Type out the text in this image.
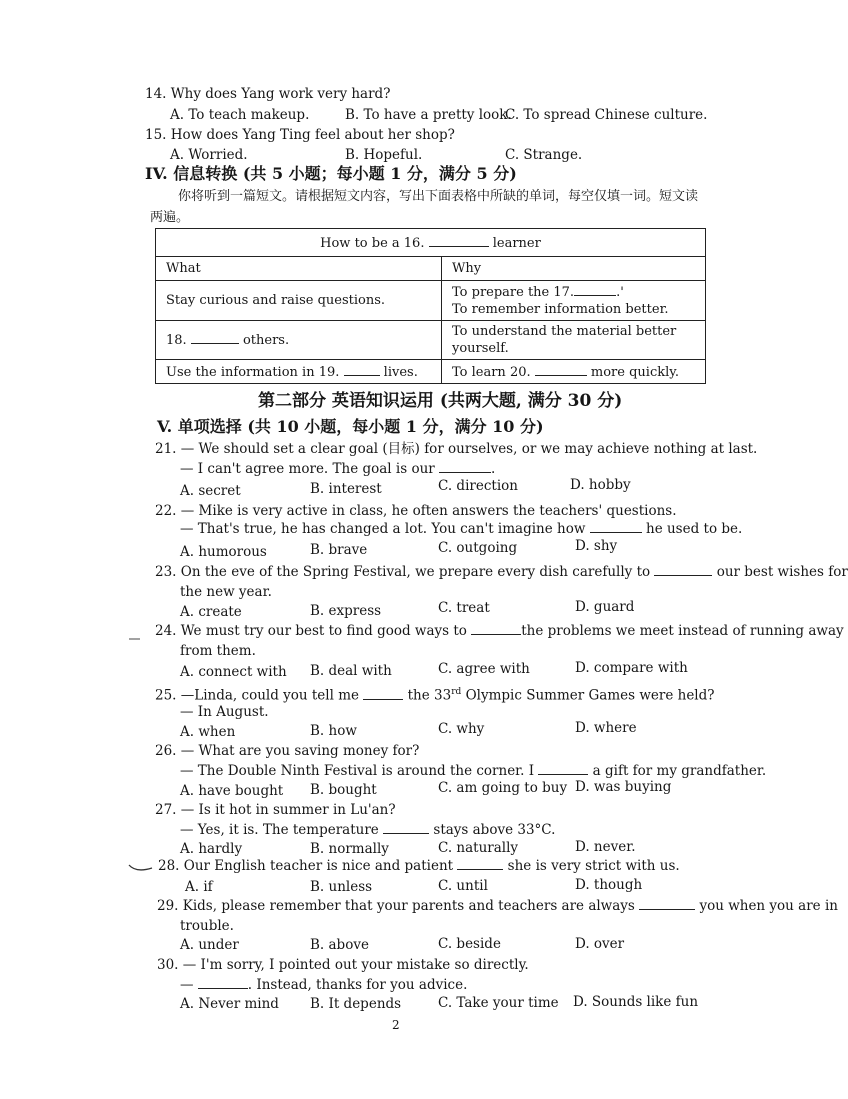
14. Why does Yang work very hard?
A. To teach makeup.	B. To have a pretty look.
C. To spread Chinese culture.
15. How does Yang Ting feel about her shop?
A. Worried.	B. Hopeful.	C. Strange.
IV. 信息转换 (共 5 小题；每小题 1 分，满分 5 分)
你将听到一篇短文。请根据短文内容，写出下面表格中所缺的单词，每空仅填一词。短文读
两遍。
How to be a 16. learner	
What	Why
Stay curious and raise questions.	To prepare the 17. .'
To remember information better.

18. others.	To understand the material better yourself.
Use the information in 19. lives.	To learn 20. more quickly.
第二部分 英语知识运用 (共两大题, 满分 30 分)
V. 单项选择 (共 10 小题，每小题 1 分，满分 10 分)
21. — We should set a clear goal (目标) for ourselves, or we may achieve nothing at last.
— I can't agree more. The goal is our	.
A. secret	B. interest	C. direction	D. hobby
22. — Mike is very active in class, he often answers the teachers' questions.
— That's true, he has changed a lot. You can't imagine how	he used to be.
A. humorous	B. brave	C. outgoing	D. shy
23. On the eve of the Spring Festival, we prepare every dish carefully to	our best wishes for
the new year.
A. create	B. express	C. treat	D. guard
24. We must try our best to find good ways to	the problems we meet instead of running away
from them.
A. connect with B. deal with	C. agree with	D. compare with
25. —Linda, could you tell me	the 33rd Olympic Summer Games were held?
— In August.
A. when	B. how	C. why	D. where
26. — What are you saving money for?
— The Double Ninth Festival is around the corner. I	a gift for my grandfather.
A. have bought B. bought	C. am going to buy D. was buying
27. — Is it hot in summer in Lu'an?
— Yes, it is. The temperature	stays above 33°C.
A. hardly	B. normally	C. naturally	D. never.
28. Our English teacher is nice and patient	she is very strict with us.
A. if	B. unless	C. until	D. though
29. Kids, please remember that your parents and teachers are always	you when you are in
trouble.
A. under	B. above	C. beside	D. over
30. — I'm sorry, I pointed out your mistake so directly.
—	. Instead, thanks for you advice.
A. Never mind B. It depends	C. Take your time D. Sounds like fun
2
